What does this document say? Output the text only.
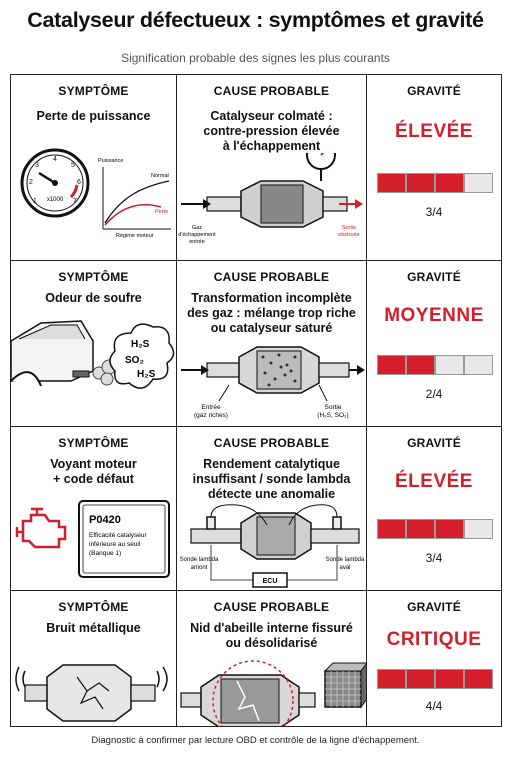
Catalyseur défectueux : symptômes et gravité
Signification probable des signes les plus courants
SYMPTÔME
Perte de puissance
1
2
3
4
5
6
7
x1000
Puissance
Normal
Perte
Régime moteur
CAUSE PROBABLE
Catalyseur colmaté :
contre-pression élevée
à l'échappement
Gaz
d'échappement
entrée
Sortie
obstruée
GRAVITÉ
ÉLEVÉE
3/4
SYMPTÔME
Odeur de soufre
H₂S
SO₂
H₂S
CAUSE PROBABLE
Transformation incomplète
des gaz : mélange trop riche
ou catalyseur saturé
Entrée
(gaz riches)
Sortie
(H₂S, SO₂)
GRAVITÉ
MOYENNE
2/4
SYMPTÔME
Voyant moteur
+ code défaut
P0420
Efficacité catalyseur
inférieure au seuil
(Banque 1)
CAUSE PROBABLE
Rendement catalytique
insuffisant / sonde lambda
détecte une anomalie
ECU
Sonde lambda
amont
Sonde lambda
aval
GRAVITÉ
ÉLEVÉE
3/4
SYMPTÔME
Bruit métallique
CAUSE PROBABLE
Nid d'abeille interne fissuré
ou désolidarisé
GRAVITÉ
CRITIQUE
4/4
Diagnostic à confirmer par lecture OBD et contrôle de la ligne d'échappement.
